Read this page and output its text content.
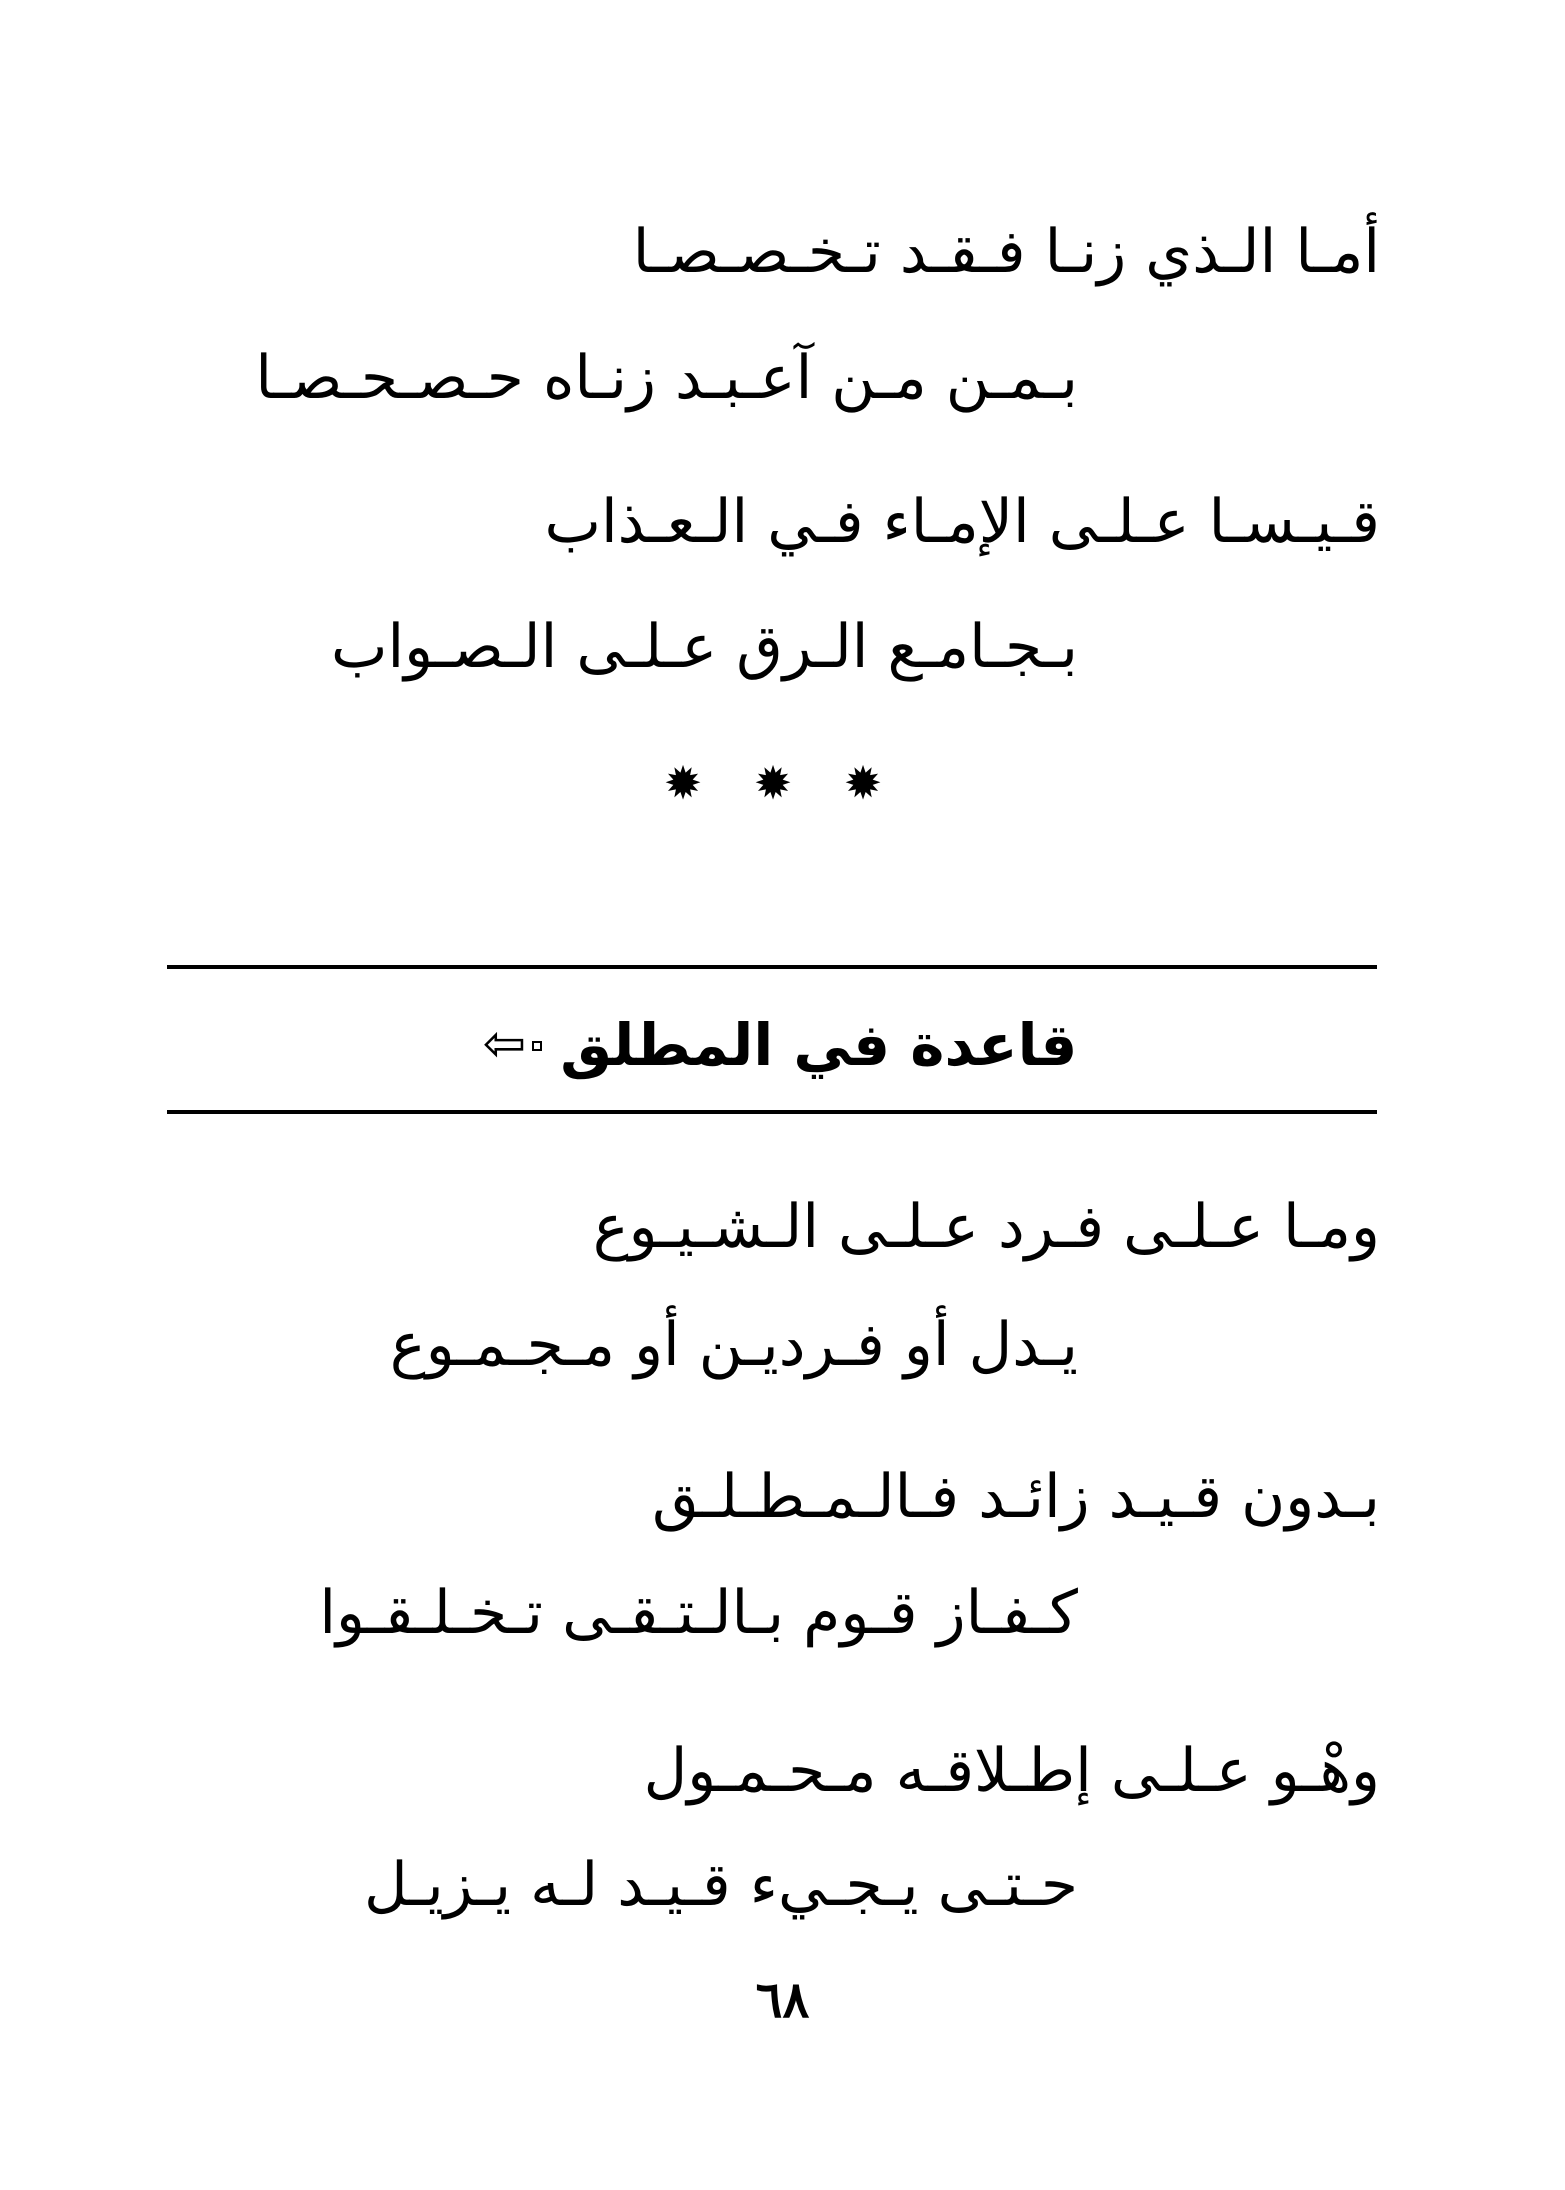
أمـا الـذي زنـا فـقـد تـخـصـصـا
بـمـن مـن آعـبـد زنـاه حـصـحـصـا
قـيـسـا عـلـى الإمـاء فـي الـعـذاب
بـجـامـع الـرق عـلـى الـصـواب
✹ ✹ ✹
قاعدة في المطلق
⇦
ومـا عـلـى فـرد عـلـى الـشـيـوع
يـدل أو فـرديـن أو مـجـمـوع
بـدون قـيـد زائـد فـالـمـطـلـق
كـفـاز قـوم بـالـتـقـى تـخـلـقـوا
وهْـو عـلـى إطـلاقـه مـحـمـول
حـتـى يـجـيء قـيـد لـه يـزيـل
٦٨
